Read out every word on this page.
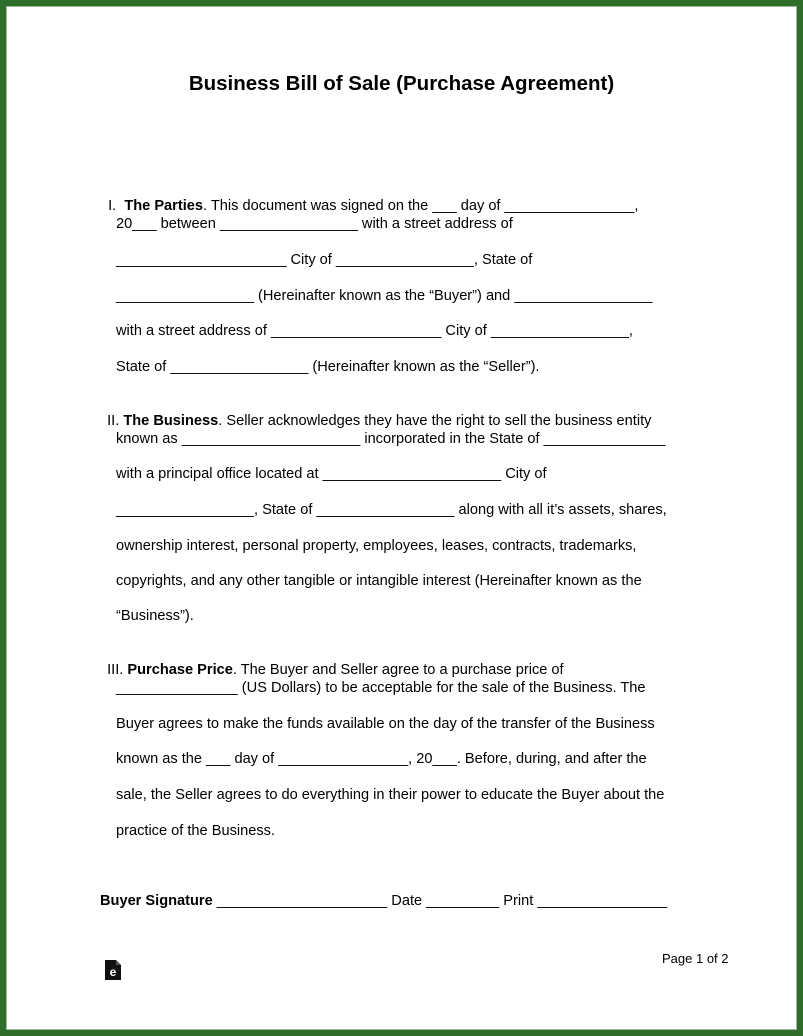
Business Bill of Sale (Purchase Agreement)

I. The Parties. This document was signed on the ___ day of ________________,

20___ between _________________ with a street address of
_____________________ City of _________________, State of
_________________ (Hereinafter known as the “Buyer”) and _________________
with a street address of _____________________ City of _________________,
State of _________________ (Hereinafter known as the “Seller”).

II. The Business. Seller acknowledges they have the right to sell the business entity

known as ______________________ incorporated in the State of _______________
with a principal office located at ______________________ City of
_________________, State of _________________ along with all it’s assets, shares,
ownership interest, personal property, employees, leases, contracts, trademarks,
copyrights, and any other tangible or intangible interest (Hereinafter known as the
“Business”).

III. Purchase Price. The Buyer and Seller agree to a purchase price of

_______________ (US Dollars) to be acceptable for the sale of the Business. The
Buyer agrees to make the funds available on the day of the transfer of the Business
known as the ___ day of ________________, 20___. Before, during, and after the
sale, the Seller agrees to do everything in their power to educate the Buyer about the
practice of the Business.
Buyer Signature _____________________ Date _________ Print ________________
e
Page 1 of 2
